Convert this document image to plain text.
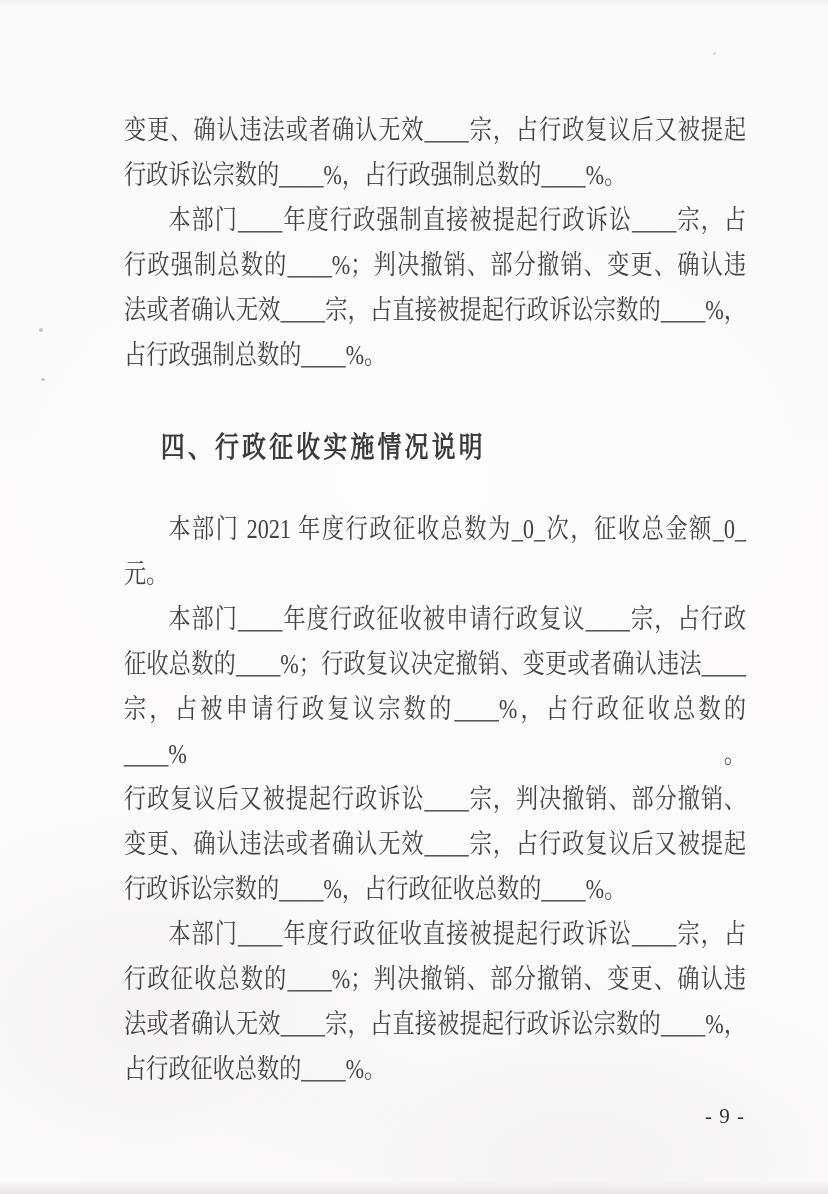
变更、确认违法或者确认无效____宗，占行政复议后又被提起
行政诉讼宗数的____%，占行政强制总数的____%。
本部门____年度行政强制直接被提起行政诉讼____宗，占
行政强制总数的____%；判决撤销、部分撤销、变更、确认违
法或者确认无效____宗，占直接被提起行政诉讼宗数的____%，
占行政强制总数的____%。
四、行政征收实施情况说明
本部门 2021 年度行政征收总数为_0_次，征收总金额_0_
元。
本部门____年度行政征收被申请行政复议____宗，占行政
征收总数的____%；行政复议决定撤销、变更或者确认违法____
宗，占被申请行政复议宗数的____%，占行政征收总数的____%。
行政复议后又被提起行政诉讼____宗，判决撤销、部分撤销、
变更、确认违法或者确认无效____宗，占行政复议后又被提起
行政诉讼宗数的____%，占行政征收总数的____%。
本部门____年度行政征收直接被提起行政诉讼____宗，占
行政征收总数的____%；判决撤销、部分撤销、变更、确认违
法或者确认无效____宗，占直接被提起行政诉讼宗数的____%，
占行政征收总数的____%。
- 9 -
